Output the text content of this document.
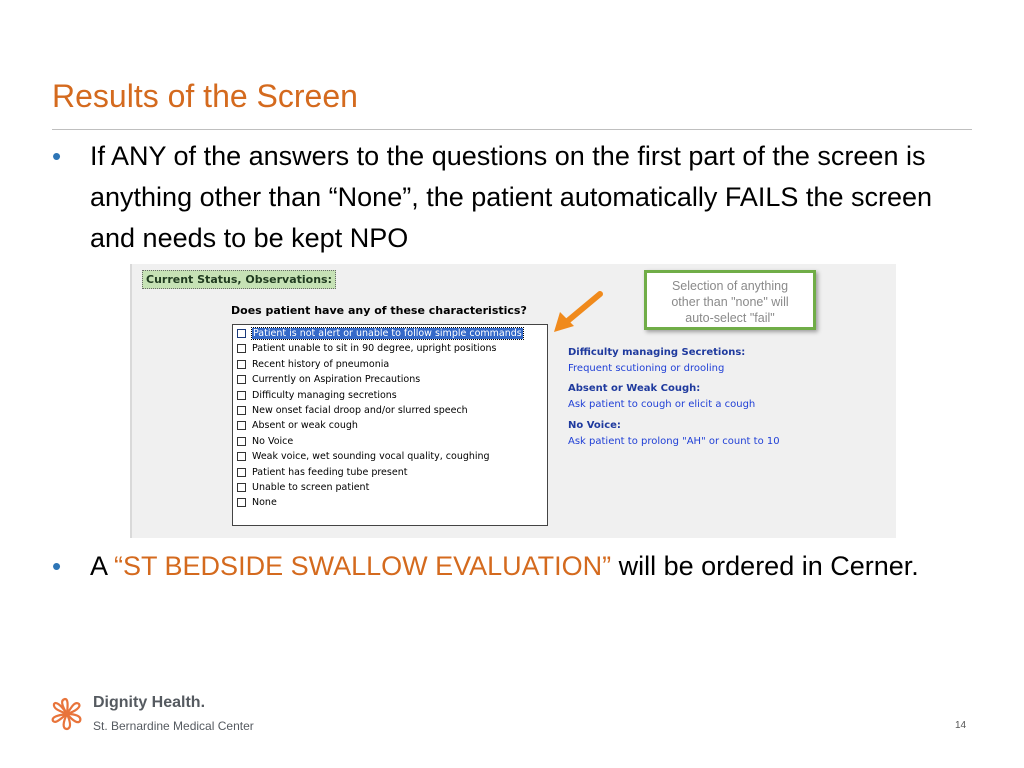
Results of the Screen
• If ANY of the answers to the questions on the first part of the screen is anything other than “None”, the patient automatically FAILS the screen and needs to be kept NPO
Current Status, Observations:
Does patient have any of these characteristics?
Patient is not alert or unable to follow simple commands
Patient unable to sit in 90 degree, upright positions
Recent history of pneumonia
Currently on Aspiration Precautions
Difficulty managing secretions
New onset facial droop and/or slurred speech
Absent or weak cough
No Voice
Weak voice, wet sounding vocal quality, coughing
Patient has feeding tube present
Unable to screen patient
None
Selection of anything
other than "none" will
auto-select "fail"
Difficulty managing Secretions:
Frequent scutioning or drooling
Absent or Weak Cough:
Ask patient to cough or elicit a cough
No Voice:
Ask patient to prolong "AH" or count to 10
• A “ST BEDSIDE SWALLOW EVALUATION” will be ordered in Cerner.
Dignity Health.
St. Bernardine Medical Center	14
